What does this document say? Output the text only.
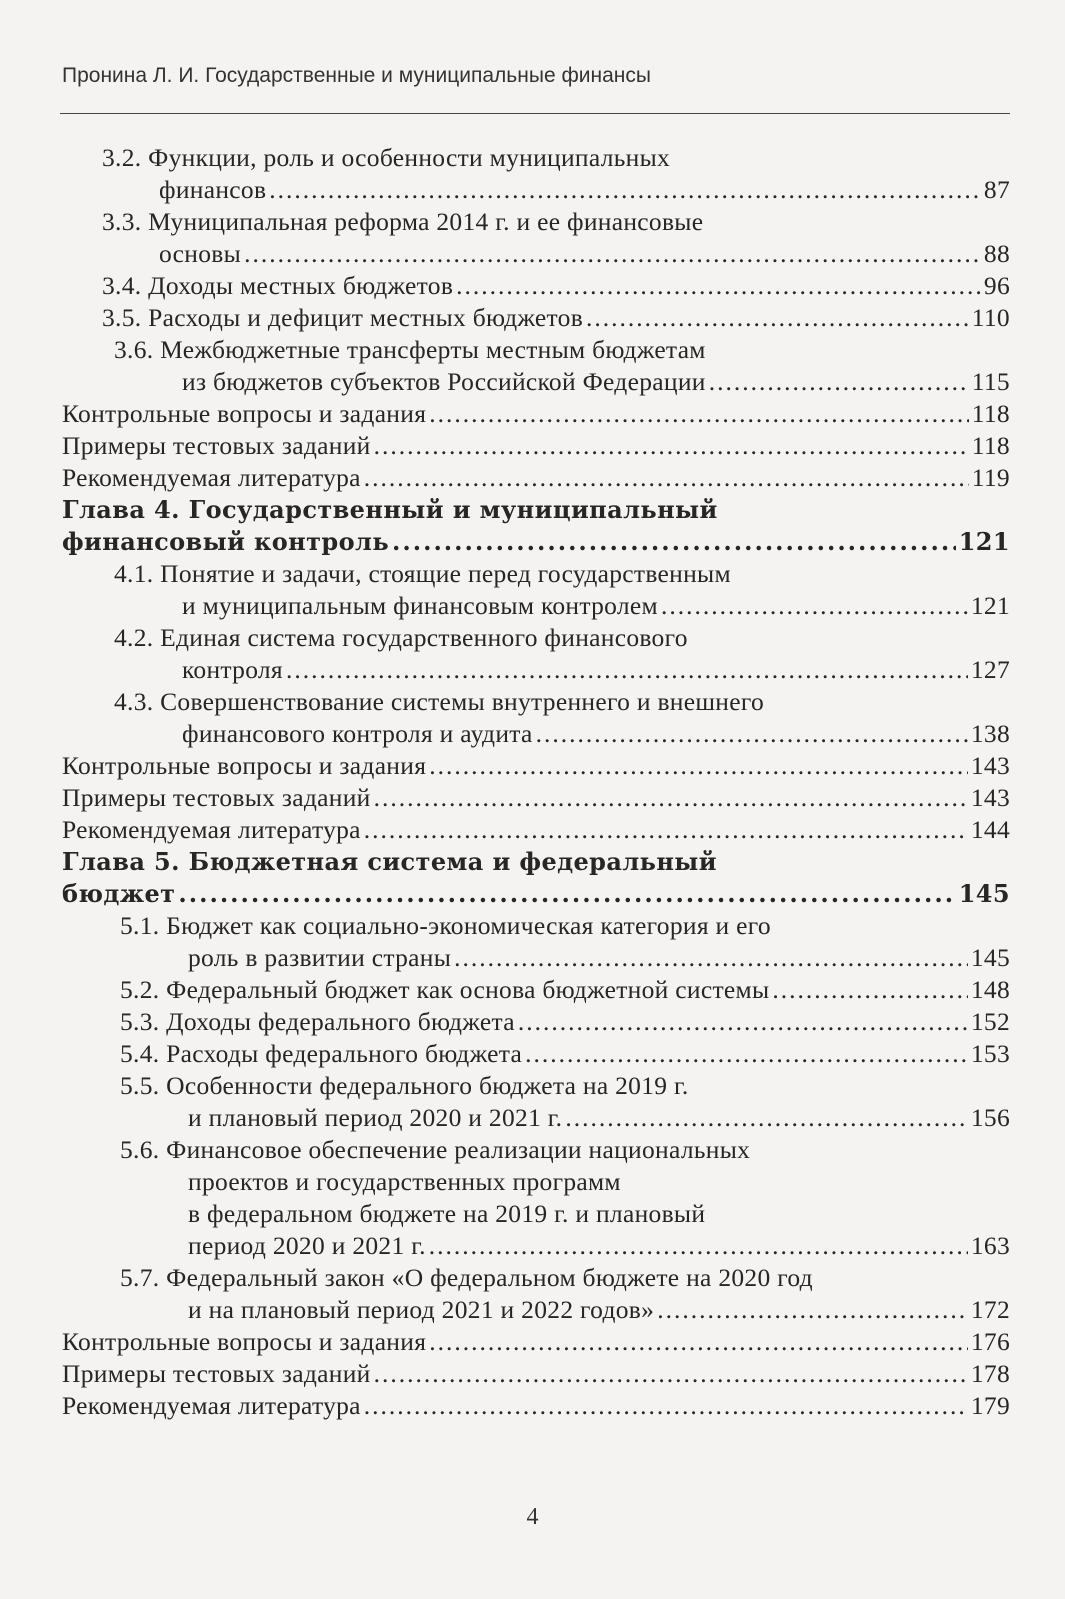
Пронина Л. И. Государственные и муниципальные финансы
3.2. Функции, роль и особенности муниципальных
финансов .....	87
3.3. Муниципальная реформа 2014 г. и ее финансовые
основы .....	88
3.4. Доходы местных бюджетов .....	96
3.5. Расходы и дефицит местных бюджетов .....	110
3.6. Межбюджетные трансферты местным бюджетам
из бюджетов субъектов Российской Федерации .....	115
Контрольные вопросы и задания .....	118
Примеры тестовых заданий .....	118
Рекомендуемая литература .....	119
Глава 4. Государственный и муниципальный
финансовый контроль .....	121
4.1. Понятие и задачи, стоящие перед государственным
и муниципальным финансовым контролем .....	121
4.2. Единая система государственного финансового
контроля .....	127
4.3. Совершенствование системы внутреннего и внешнего
финансового контроля и аудита .....	138
Контрольные вопросы и задания .....	143
Примеры тестовых заданий .....	143
Рекомендуемая литература .....	144
Глава 5. Бюджетная система и федеральный
бюджет .....	145
5.1. Бюджет как социально-экономическая категория и его
роль в развитии страны .....	145
5.2. Федеральный бюджет как основа бюджетной системы .....	148
5.3. Доходы федерального бюджета .....	152
5.4. Расходы федерального бюджета .....	153
5.5. Особенности федерального бюджета на 2019 г.
и плановый период 2020 и 2021 г. .....	156
5.6. Финансовое обеспечение реализации национальных
проектов и государственных программ
в федеральном бюджете на 2019 г. и плановый
период 2020 и 2021 г. .....	163
5.7. Федеральный закон «О федеральном бюджете на 2020 год
и на плановый период 2021 и 2022 годов» .....	172
Контрольные вопросы и задания .....	176
Примеры тестовых заданий .....	178
Рекомендуемая литература .....	179
4
